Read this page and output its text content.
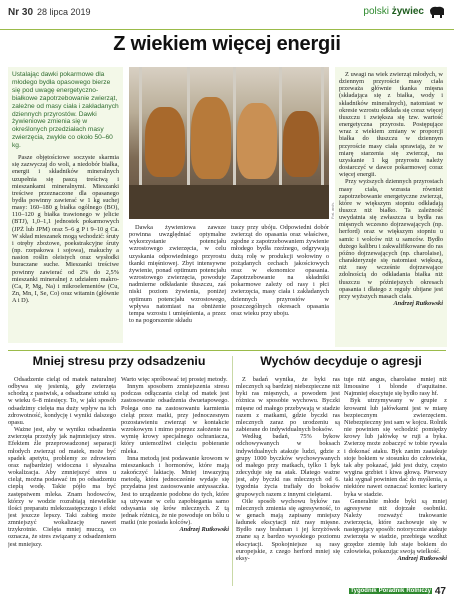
Nr 30 28 lipca 2019	polski żywiec
Z wiekiem więcej energii
Ustalając dawki pokarmowe dla młodego bydła opasowego bierze się pod uwagę energetyczno-białkowe zapotrzebowanie zwierząt, zależne od masy ciała i zakładanych dziennych przyrostów. Dawki żywieniowe zmienia się w określonych przedziałach masy zwierzęcia, zwykle co około 50–60 kg.

Pasze objętościowe soczyste skarmia się zazwyczaj do woli, a niedobór białka, energii i składników mineralnych uzupełnia się paszą treściwą i mieszankami mineralnymi. Mieszanki treściwe przeznaczone dla opasanego bydła powinny zawierać w 1 kg suchej masy: 160–180 g białka ogólnego (BO), 110–120 g białka trawionego w jelicie (BTJ), 1,0–1,1 jednostek pokarmowych (JPŻ lub JPM) oraz 5–6 g P i 9–10 g Ca. W skład mieszanek mogą wchodzić: śruty i otręby zbożowe, poekstrakcyjne śruty (np. rzepakowa i sojowa), makuchy a nasion roślin oleistych oraz wysłodki buraczane suche. Mieszanki treściwe powinny zawierać od 2% do 2,5% mieszanki mineralnej z udziałem makro- (Ca, P, Mg, Na) i mikroelementów (Cu, Zn, Mn, I, Se, Co) oraz witamin (głównie A i D).

Fot. arch.

Dawka żywieniowa zawsze powinna uwzględniać optymalne wykorzystanie potencjału wzrostowego zwierzęcia, w celu uzyskania odpowiedniego przyrostu tkanki mięśniowej. Zbyt intensywne żywienie, ponad optimum potencjału wzrostowego zwierzęcia, powoduje nadmierne odkładanie tłuszczu, zaś niski poziom żywienia, poniżej optimum potencjału wzrostowego, wpływa natomiast na obniżenie tempa wzrostu i umięśnienia, a przez to na pogorszenie składu

tuszy przy ubóju. Odpowiedni dobór zwierząt do opasania oraz właściwe, zgodne z zapotrzebowaniem żywienie młodego bydła rzeźnego, odgrywają dużą rolę w produkcji wołowiny o pożądanych cechach jakościowych oraz w ekonomice opasania. Zapotrzebowanie na składniki pokarmowe zależy od rasy i płci zwierzęcia, masy ciała i zakładanych dziennych przyrostów w poszczególnych okresach opasania oraz wieku przy uboju.

Z uwagi na wiek zwierząt młodych, w dziennym przyroście masy ciała przeważa głównie tkanka mięsna (składająca się z białka, wody i składników mineralnych), natomiast w okresie wzrostu odkłada się coraz więcej tłuszczu i zwiększa się tzw. wartość energetyczna przyrostu. Postępujące wraz z wiekiem zmiany w proporcji białka do tłuszczu w dziennym przyroście masy ciała sprawiają, że w miarę starzenia się zwierząt, na uzyskanie 1 kg przyrostu należy dostarczyć w dawce pokarmowej coraz więcej energii.

Przy wyższych dziennych przyrostach masy ciała, wzrasta również zapotrzebowanie energetyczne zwierząt, które w większym stopniu odkładają tłuszcz niż białko. Ta zależność uwydatnia się zwłaszcza u bydła ras mięsnych wczesno dojrzewających (np. herford) oraz w większym stopniu u samic i wolców niż u samców. Bydło dużego kalibru i zakwalifikowane do ras późno dojrzewających (np. charolaise), charakteryzuje się natomiast większą, niż rasy wcześnie dojrzewające zdolnością do odkładania białka niż tłuszczu w późniejszych okresach opasania i dłatego z reguły ubijane jest przy wyższych masach ciała.

Andrzej Rutkowski
Mniej stresu przy odsadzeniu	Wychów decyduje o agresji

Odsadzenie cieląt od matek naturalnej odbywa się jesienią, gdy zwierzęta schodzą z pastwisk, a odsadzane sztuki są w wieku 6–8 miesięcy. To, w jaki sposób odsadzimy cielęta ma duży wpływ na ich zdrowotność, kondycję i wyniki dalszego opasu.

Ważne jest, aby w wyniku odsadzenia zwierzęta przeżyły jak najmniejszy stres. Efektem źle przeprowadzonej separacji młodych zwierząt od matek, może być spadek apetytu, problemy ze zdrowiem oraz najbardziej widoczna i słyszalna wokalizacja. Aby zmniejszyć stres u cieląt, można podawać im po odsadzeniu ciepłą wodę. Takie pójło ma być zastępstwem mleka. Znam hodowców, którzy w wodzie rozrabiają niewielkie ilości preparatu mlekozastępczego i efekt jest jeszcze lepszy. Taki zabieg może zmniejszyć wokalizację nawet trzykrotnie. Cielęta mniej muczą, co oznacza, że stres związany z odsadzeniem jest mniejszy.

Warto więc spróbować tej prostej metody.

Innym sposobem zmniejszenia stresu podczas odłączania cieląt od matek jest zastosowanie odsadzenia dwuetapowego. Polega ono na zastosowaniu karmienia cieląt przez matki, przy jednoczesnym pozostawieniu zwierząt w kontakcie wzrokowym i mimo poprzez założenie na wymię krowy specjalnego ochraniacza, który uniemożliwi cielęciu pobieranie mleka.

Inna metodą jest podawanie krowom w mieszankach i hormonów, które mają zakończyć laktację. Mniej inwazyjną metodą, która jednocześnie wydaje się przydatna jest zastosowanie antyssaczka. Jest to urządzenie podobne do tych, które są używane w celu zapobiegania samo odsysania się krów mlecznych. Z tą jednak różnicą, że nie powoduje on bólu u matki (nie posiada kolców).

Andrzej Rutkowski

Z badań wynika, że byki ras mlecznych są bardziej niebezpieczne niż byki ras mięsnych, a powodem jest różnica w sposobie wychowu. Byczki mięsne od małego przebywają w stadzie razem z matkami, gdzie byczki ras mlecznych zaraz po urodzeniu są zabierane do indywidualnych boksów.

Według badań, 75% bykow odchowywanych w boksach indywidualnych atakuje ludzi, gdzie z grupy 1000 byczków wychowywanych od małego przy matkach, tylko 1 byk zdecyduje się na atak. Dlatego ważne jest, aby byczki ras mlecznych od 6. tygodnia życia trafiały do boksów grupowych razem z innymi cielętami.

Oile sposób wychowu byków ras mlecznych zmienia się agresywność, to w genach mają zapisany mniejszy ładunek ekscytacji niż rasy mięsne. Bydło rasy brahman i jej krzyżówek znane są z bardzo wysokiego poziomu ekscytacji. Spokojniejsze są rasy europejskie, z czego herford mniej się eksy-

tuje niż angus, charolaise mniej niż limousine i blonde d’aquitaine. Najmniej ekscytuje się bydło rasy hf.

Byk utrzymywany w grupie z krowami lub jałówkami jest w miarę bezpiecznym zwierzęciem. Niebezpieczny jest sam w kojcu. Rolnik nie powinien się wchodzić pomiędzy krowy lub jałówkę w ruji a byka. Zwierzę może zobaczyć w tobie rywala i dokonać ataku. Byk zanim zaatakuje stoje bokiem w stosunku do człowieka, tak aby pokazać, jaki jest duży, często wygina grzbiet i kiwa głową. Pierwszy taki sygnał powinien dać do myślenia, a niektóre nawet oznaczać koniec kariery byka w stadzie.

Generalnie młode byki są mniej agresywne niż dojrzałe osobniki. Należy rozważyć trakowanie zwierzęcia, które zachowuje się w następujący sposób: notorycznie atakuje zwierzęta w stadzie, przebiega wzdłuż grzędze ziemię lub staje bokiem do człowieka, pokazując swoją wielkość.

Andrzej Rutkowski
Tygodnik Poradnik Rolniczy 47
